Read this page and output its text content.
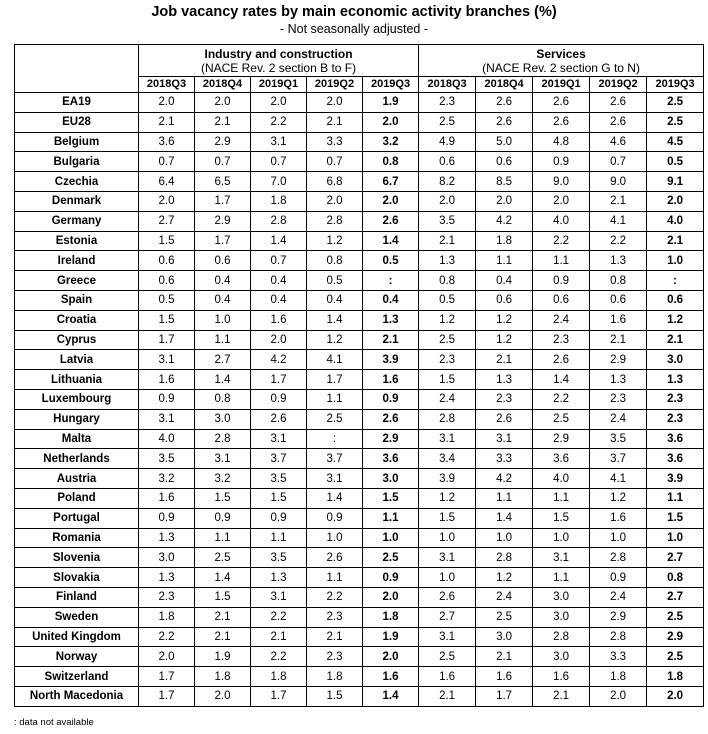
Job vacancy rates by main economic activity branches (%)
- Not seasonally adjusted -
	Industry and construction
(NACE Rev. 2 section B to F)					Services
(NACE Rev. 2 section G to N)				

	2018Q3	2018Q4	2019Q1	2019Q2	2019Q3	2018Q3	2018Q4	2019Q1	2019Q2	2019Q3
EA19	2.0	2.0	2.0	2.0	1.9	2.3	2.6	2.6	2.6	2.5
EU28	2.1	2.1	2.2	2.1	2.0	2.5	2.6	2.6	2.6	2.5
Belgium	3.6	2.9	3.1	3.3	3.2	4.9	5.0	4.8	4.6	4.5
Bulgaria	0.7	0.7	0.7	0.7	0.8	0.6	0.6	0.9	0.7	0.5
Czechia	6.4	6.5	7.0	6.8	6.7	8.2	8.5	9.0	9.0	9.1
Denmark	2.0	1.7	1.8	2.0	2.0	2.0	2.0	2.0	2.1	2.0
Germany	2.7	2.9	2.8	2.8	2.6	3.5	4.2	4.0	4.1	4.0
Estonia	1.5	1.7	1.4	1.2	1.4	2.1	1.8	2.2	2.2	2.1
Ireland	0.6	0.6	0.7	0.8	0.5	1.3	1.1	1.1	1.3	1.0
Greece	0.6	0.4	0.4	0.5	:	0.8	0.4	0.9	0.8	:
Spain	0.5	0.4	0.4	0.4	0.4	0.5	0.6	0.6	0.6	0.6
Croatia	1.5	1.0	1.6	1.4	1.3	1.2	1.2	2.4	1.6	1.2
Cyprus	1.7	1.1	2.0	1.2	2.1	2.5	1.2	2.3	2.1	2.1
Latvia	3.1	2.7	4.2	4.1	3.9	2.3	2.1	2.6	2.9	3.0
Lithuania	1.6	1.4	1.7	1.7	1.6	1.5	1.3	1.4	1.3	1.3
Luxembourg	0.9	0.8	0.9	1.1	0.9	2.4	2.3	2.2	2.3	2.3
Hungary	3.1	3.0	2.6	2.5	2.6	2.8	2.6	2.5	2.4	2.3
Malta	4.0	2.8	3.1	:	2.9	3.1	3.1	2.9	3.5	3.6
Netherlands	3.5	3.1	3.7	3.7	3.6	3.4	3.3	3.6	3.7	3.6
Austria	3.2	3.2	3.5	3.1	3.0	3.9	4.2	4.0	4.1	3.9
Poland	1.6	1.5	1.5	1.4	1.5	1.2	1.1	1.1	1.2	1.1
Portugal	0.9	0.9	0.9	0.9	1.1	1.5	1.4	1.5	1.6	1.5
Romania	1.3	1.1	1.1	1.0	1.0	1.0	1.0	1.0	1.0	1.0
Slovenia	3.0	2.5	3.5	2.6	2.5	3.1	2.8	3.1	2.8	2.7
Slovakia	1.3	1.4	1.3	1.1	0.9	1.0	1.2	1.1	0.9	0.8
Finland	2.3	1.5	3.1	2.2	2.0	2.6	2.4	3.0	2.4	2.7
Sweden	1.8	2.1	2.2	2.3	1.8	2.7	2.5	3.0	2.9	2.5
United Kingdom	2.2	2.1	2.1	2.1	1.9	3.1	3.0	2.8	2.8	2.9
Norway	2.0	1.9	2.2	2.3	2.0	2.5	2.1	3.0	3.3	2.5
Switzerland	1.7	1.8	1.8	1.8	1.6	1.6	1.6	1.6	1.8	1.8
North Macedonia	1.7	2.0	1.7	1.5	1.4	2.1	1.7	2.1	2.0	2.0
: data not available
